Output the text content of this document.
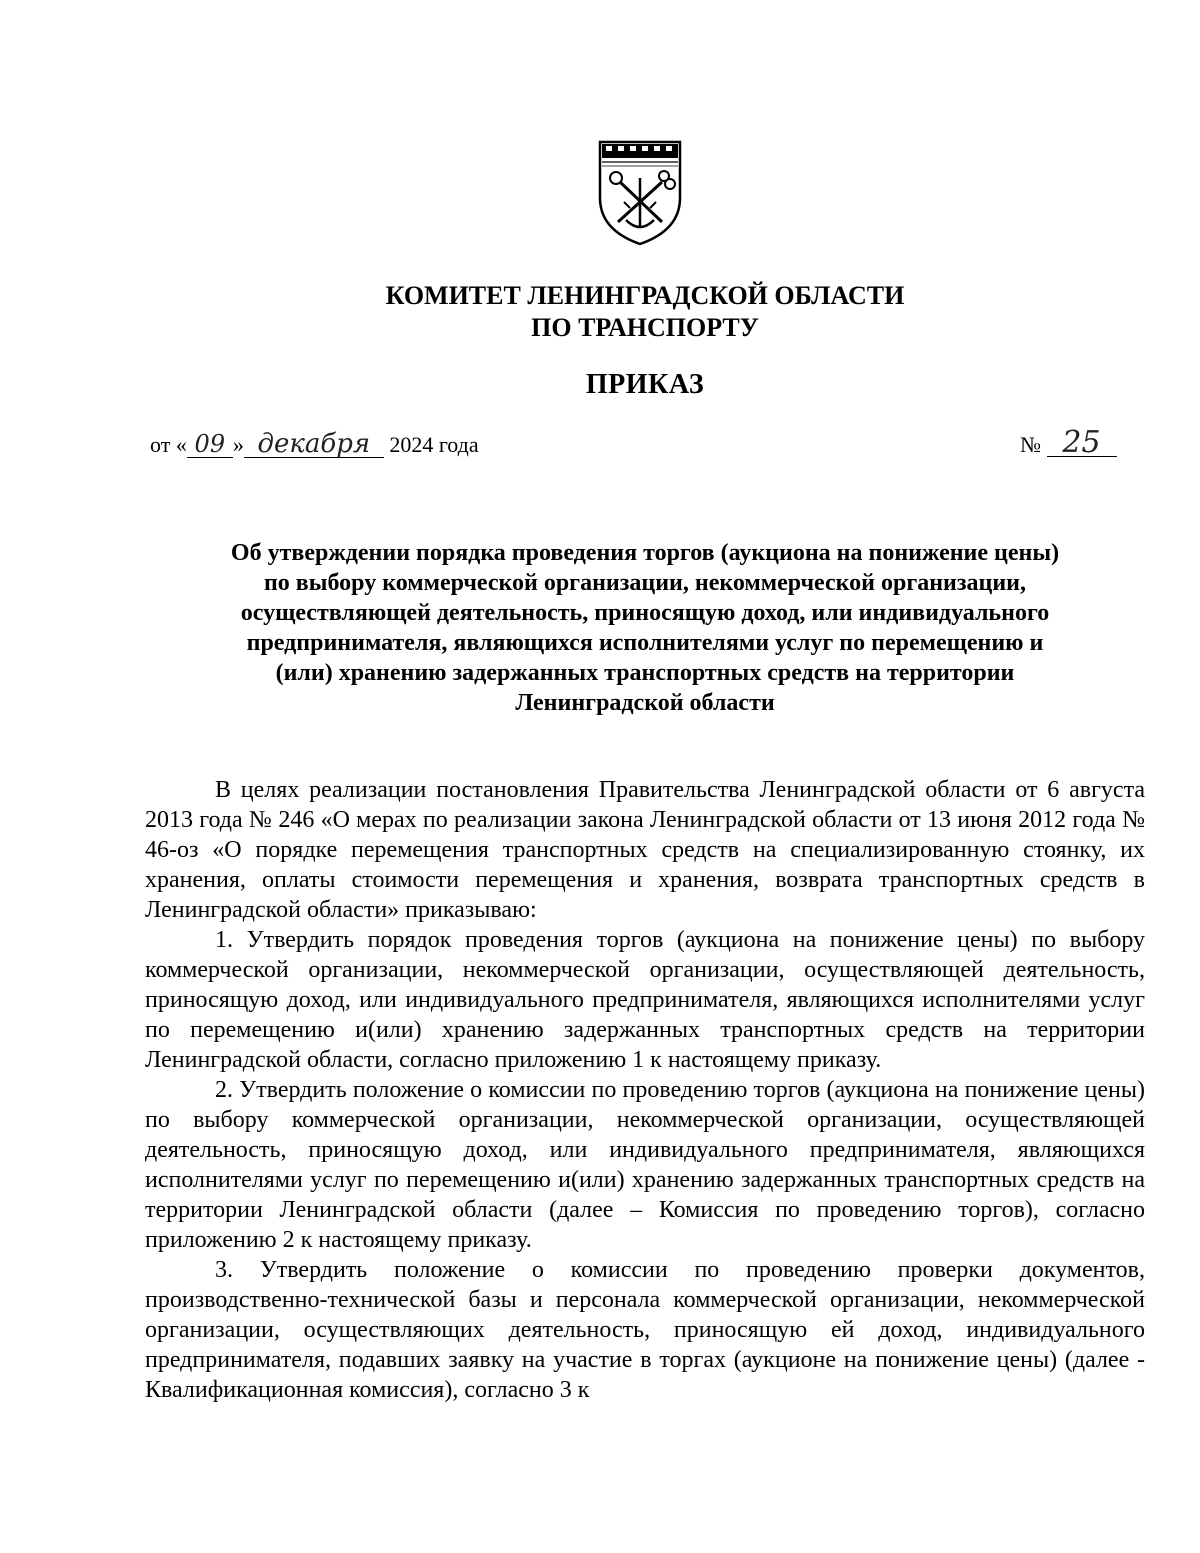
КОМИТЕТ ЛЕНИНГРАДСКОЙ ОБЛАСТИ
ПО ТРАНСПОРТУ
ПРИКАЗ
от « 09 » декабря 2024 года	№ 25
Об утверждении порядка проведения торгов (аукциона на понижение цены)
по выбору коммерческой организации, некоммерческой организации,
осуществляющей деятельность, приносящую доход, или индивидуального
предпринимателя, являющихся исполнителями услуг по перемещению и
(или) хранению задержанных транспортных средств на территории
Ленинградской области

В целях реализации постановления Правительства Ленинградской области от 6 августа 2013 года № 246 «О мерах по реализации закона Ленинградской области от 13 июня 2012 года № 46-оз «О порядке перемещения транспортных средств на специализированную стоянку, их хранения, оплаты стоимости перемещения и хранения, возврата транспортных средств в Ленинградской области» приказываю:

1. Утвердить порядок проведения торгов (аукциона на понижение цены) по выбору коммерческой организации, некоммерческой организации, осуществляющей деятельность, приносящую доход, или индивидуального предпринимателя, являющихся исполнителями услуг по перемещению и(или) хранению задержанных транспортных средств на территории Ленинградской области, согласно приложению 1 к настоящему приказу.

2. Утвердить положение о комиссии по проведению торгов (аукциона на понижение цены) по выбору коммерческой организации, некоммерческой организации, осуществляющей деятельность, приносящую доход, или индивидуального предпринимателя, являющихся исполнителями услуг по перемещению и(или) хранению задержанных транспортных средств на территории Ленинградской области (далее – Комиссия по проведению торгов), согласно приложению 2 к настоящему приказу.

3. Утвердить положение о комиссии по проведению проверки документов, производственно-технической базы и персонала коммерческой организации, некоммерческой организации, осуществляющих деятельность, приносящую ей доход, индивидуального предпринимателя, подавших заявку на участие в торгах (аукционе на понижение цены) (далее - Квалификационная комиссия), согласно 3 к
